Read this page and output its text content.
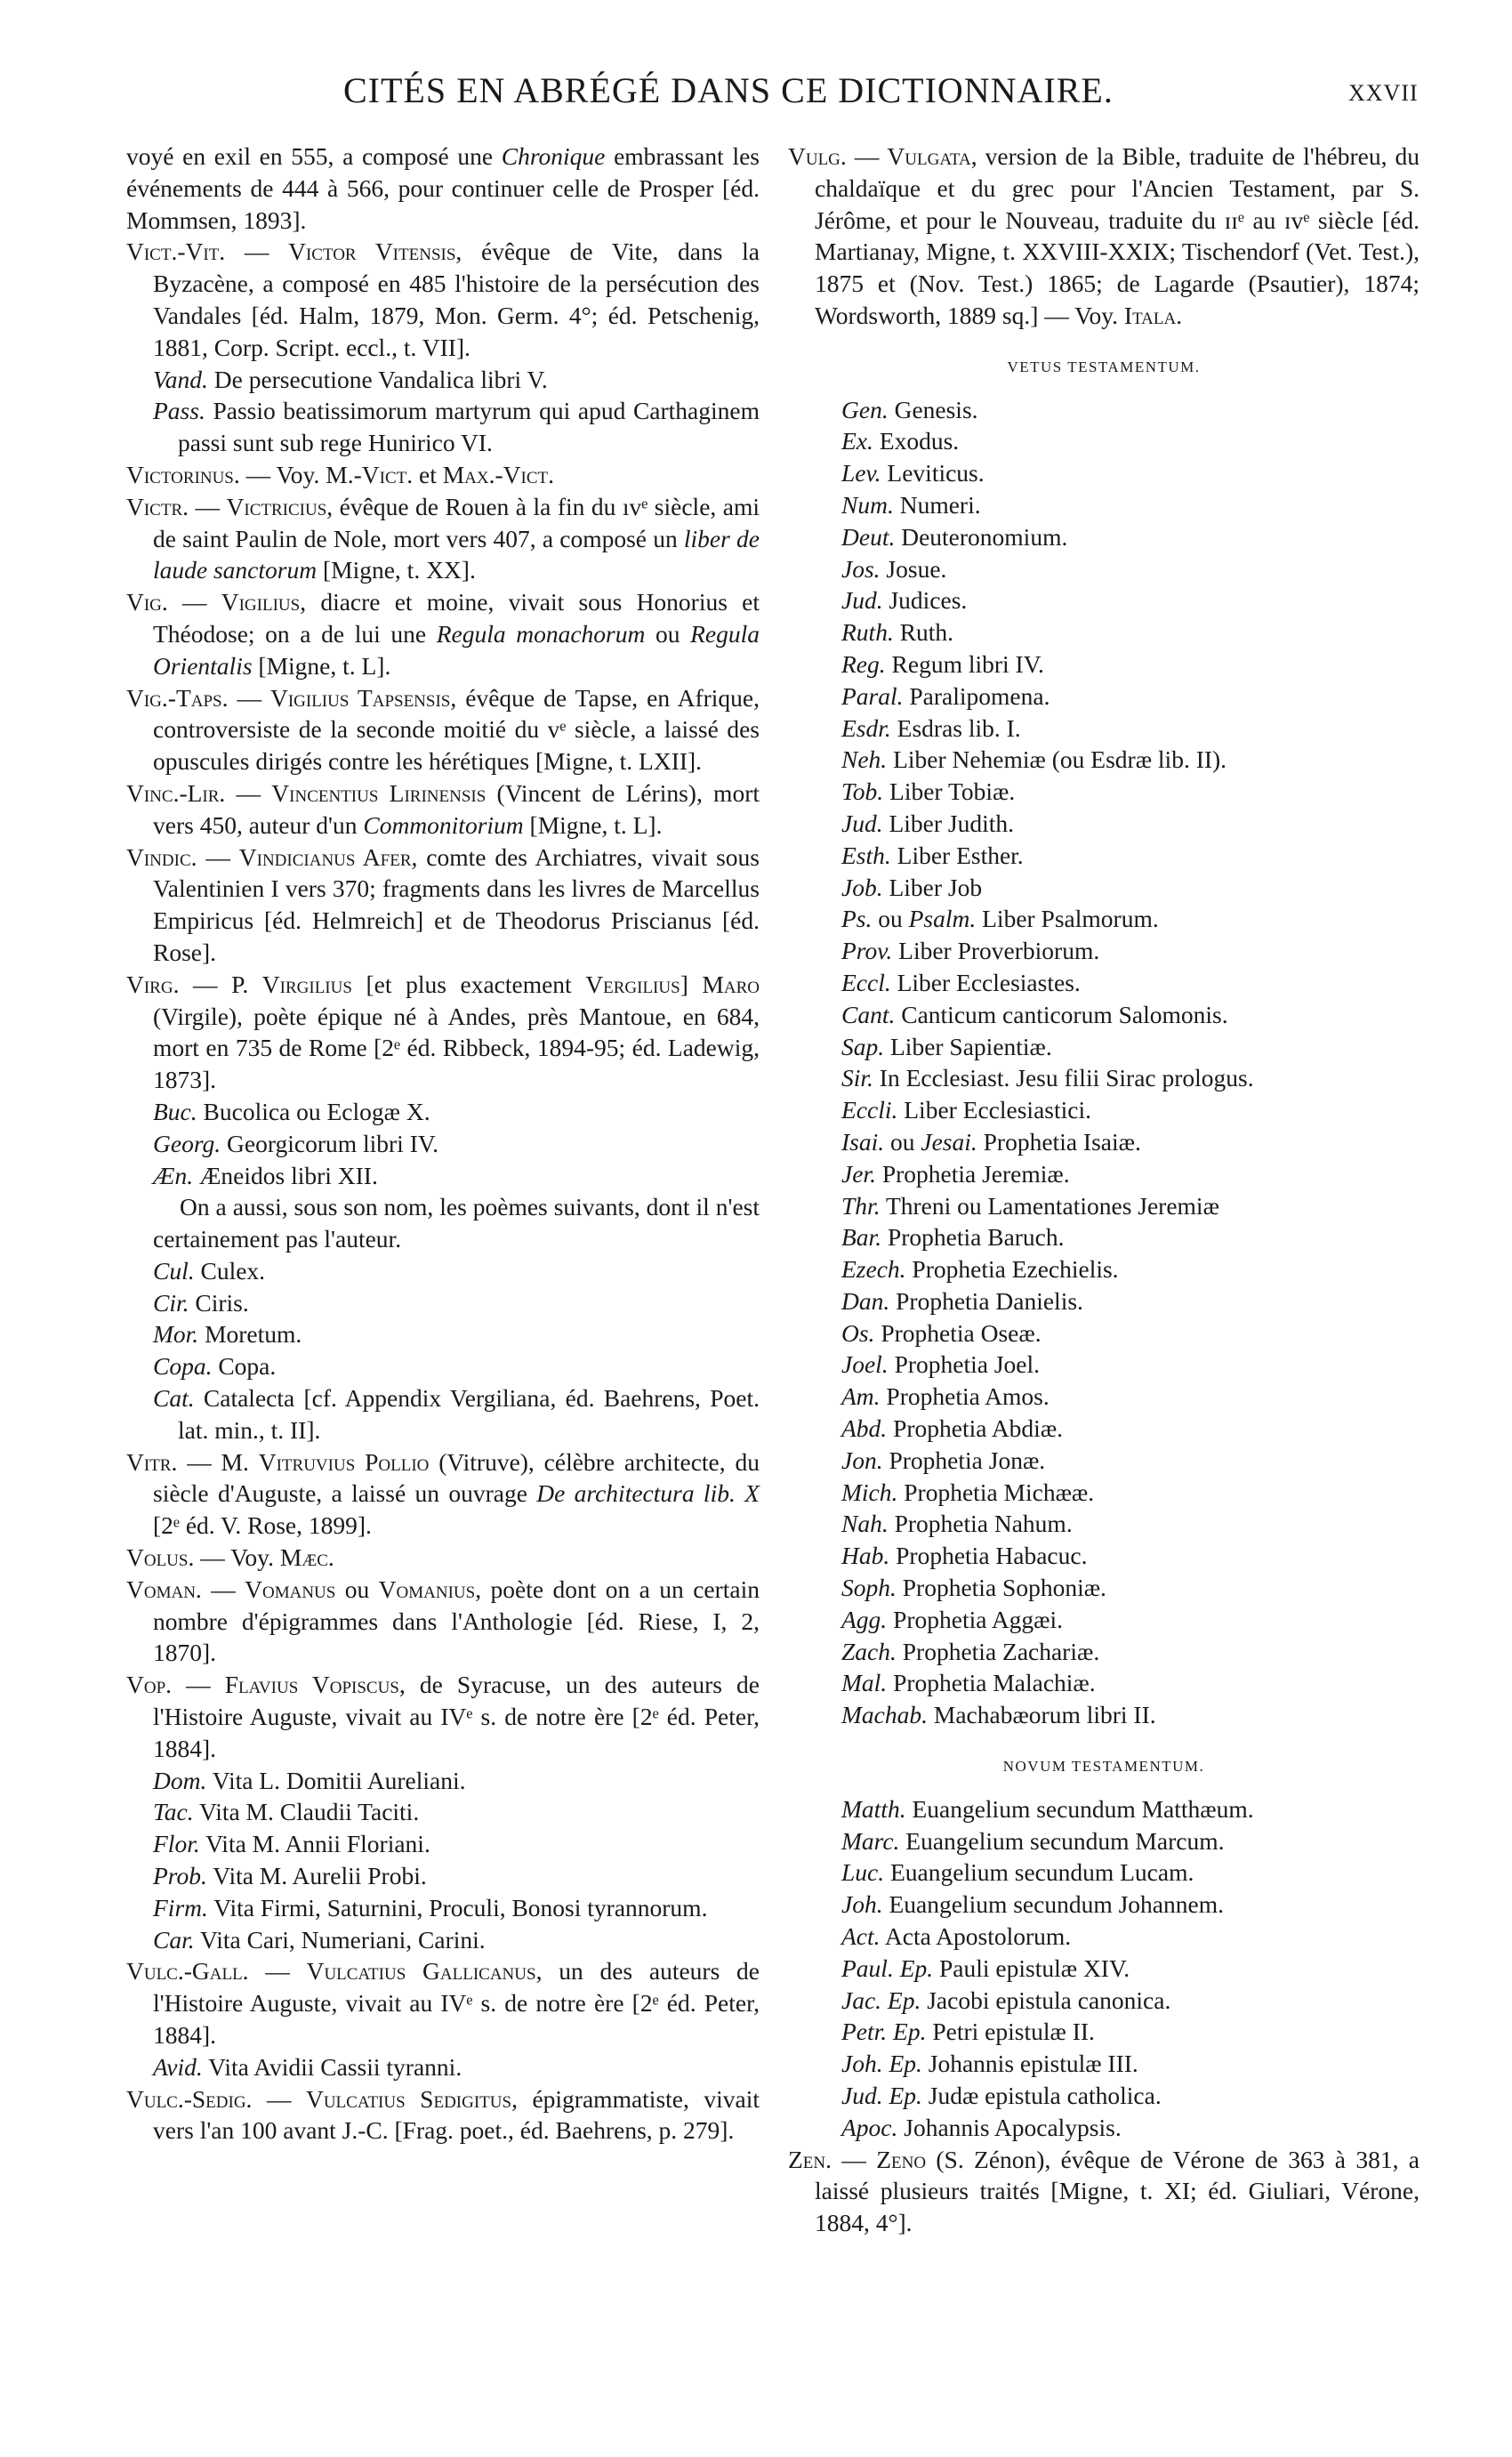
CITÉS EN ABRÉGÉ DANS CE DICTIONNAIRE.	XXVII

voyé en exil en 555, a composé une Chronique embrassant les événements de 444 à 566, pour continuer celle de Prosper [éd. Mommsen, 1893].

Vict.-Vit. — Victor Vitensis, évêque de Vite, dans la Byzacène, a composé en 485 l'histoire de la persécution des Vandales [éd. Halm, 1879, Mon. Germ. 4°; éd. Petschenig, 1881, Corp. Script. eccl., t. VII].

Vand. De persecutione Vandalica libri V.

Pass. Passio beatissimorum martyrum qui apud Carthaginem passi sunt sub rege Hunirico VI.

Victorinus. — Voy. M.-Vict. et Max.-Vict.

Victr. — Victricius, évêque de Rouen à la fin du ıvᵉ siècle, ami de saint Paulin de Nole, mort vers 407, a composé un liber de laude sanctorum [Migne, t. XX].

Vig. — Vigilius, diacre et moine, vivait sous Honorius et Théodose; on a de lui une Regula monachorum ou Regula Orientalis [Migne, t. L].

Vig.-Taps. — Vigilius Tapsensis, évêque de Tapse, en Afrique, controversiste de la seconde moitié du vᵉ siècle, a laissé des opuscules dirigés contre les hérétiques [Migne, t. LXII].

Vinc.-Lir. — Vincentius Lirinensis (Vincent de Lérins), mort vers 450, auteur d'un Commonitorium [Migne, t. L].

Vindic. — Vindicianus Afer, comte des Archiatres, vivait sous Valentinien I vers 370; fragments dans les livres de Marcellus Empiricus [éd. Helmreich] et de Theodorus Priscianus [éd. Rose].

Virg. — P. Virgilius [et plus exactement Vergilius] Maro (Virgile), poète épique né à Andes, près Mantoue, en 684, mort en 735 de Rome [2ᵉ éd. Ribbeck, 1894-95; éd. Ladewig, 1873].

Buc. Bucolica ou Eclogæ X.

Georg. Georgicorum libri IV.

Æn. Æneidos libri XII.

On a aussi, sous son nom, les poèmes suivants, dont il n'est certainement pas l'auteur.

Cul. Culex.

Cir. Ciris.

Mor. Moretum.

Copa. Copa.

Cat. Catalecta [cf. Appendix Vergiliana, éd. Baehrens, Poet. lat. min., t. II].

Vitr. — M. Vitruvius Pollio (Vitruve), célèbre architecte, du siècle d'Auguste, a laissé un ouvrage De architectura lib. X [2ᵉ éd. V. Rose, 1899].

Volus. — Voy. Mæc.

Voman. — Vomanus ou Vomanius, poète dont on a un certain nombre d'épigrammes dans l'Anthologie [éd. Riese, I, 2, 1870].

Vop. — Flavius Vopiscus, de Syracuse, un des auteurs de l'Histoire Auguste, vivait au IVᵉ s. de notre ère [2ᵉ éd. Peter, 1884].

Dom. Vita L. Domitii Aureliani.

Tac. Vita M. Claudii Taciti.

Flor. Vita M. Annii Floriani.

Prob. Vita M. Aurelii Probi.

Firm. Vita Firmi, Saturnini, Proculi, Bonosi tyrannorum.

Car. Vita Cari, Numeriani, Carini.

Vulc.-Gall. — Vulcatius Gallicanus, un des auteurs de l'Histoire Auguste, vivait au IVᵉ s. de notre ère [2ᵉ éd. Peter, 1884].

Avid. Vita Avidii Cassii tyranni.

Vulc.-Sedig. — Vulcatius Sedigitus, épigrammatiste, vivait vers l'an 100 avant J.-C. [Frag. poet., éd. Baehrens, p. 279].

Vulg. — Vulgata, version de la Bible, traduite de l'hébreu, du chaldaïque et du grec pour l'Ancien Testament, par S. Jérôme, et pour le Nouveau, traduite du ɪɪᵉ au ɪvᵉ siècle [éd. Martianay, Migne, t. XXVIII-XXIX; Tischendorf (Vet. Test.), 1875 et (Nov. Test.) 1865; de Lagarde (Psautier), 1874; Wordsworth, 1889 sq.] — Voy. Itala.

VETUS TESTAMENTUM.

Gen. Genesis.

Ex. Exodus.

Lev. Leviticus.

Num. Numeri.

Deut. Deuteronomium.

Jos. Josue.

Jud. Judices.

Ruth. Ruth.

Reg. Regum libri IV.

Paral. Paralipomena.

Esdr. Esdras lib. I.

Neh. Liber Nehemiæ (ou Esdræ lib. II).

Tob. Liber Tobiæ.

Jud. Liber Judith.

Esth. Liber Esther.

Job. Liber Job

Ps. ou Psalm. Liber Psalmorum.

Prov. Liber Proverbiorum.

Eccl. Liber Ecclesiastes.

Cant. Canticum canticorum Salomonis.

Sap. Liber Sapientiæ.

Sir. In Ecclesiast. Jesu filii Sirac prologus.

Eccli. Liber Ecclesiastici.

Isai. ou Jesai. Prophetia Isaiæ.

Jer. Prophetia Jeremiæ.

Thr. Threni ou Lamentationes Jeremiæ

Bar. Prophetia Baruch.

Ezech. Prophetia Ezechielis.

Dan. Prophetia Danielis.

Os. Prophetia Oseæ.

Joel. Prophetia Joel.

Am. Prophetia Amos.

Abd. Prophetia Abdiæ.

Jon. Prophetia Jonæ.

Mich. Prophetia Michææ.

Nah. Prophetia Nahum.

Hab. Prophetia Habacuc.

Soph. Prophetia Sophoniæ.

Agg. Prophetia Aggæi.

Zach. Prophetia Zachariæ.

Mal. Prophetia Malachiæ.

Machab. Machabæorum libri II.

NOVUM TESTAMENTUM.

Matth. Euangelium secundum Matthæum.

Marc. Euangelium secundum Marcum.

Luc. Euangelium secundum Lucam.

Joh. Euangelium secundum Johannem.

Act. Acta Apostolorum.

Paul. Ep. Pauli epistulæ XIV.

Jac. Ep. Jacobi epistula canonica.

Petr. Ep. Petri epistulæ II.

Joh. Ep. Johannis epistulæ III.

Jud. Ep. Judæ epistula catholica.

Apoc. Johannis Apocalypsis.

Zen. — Zeno (S. Zénon), évêque de Vérone de 363 à 381, a laissé plusieurs traités [Migne, t. XI; éd. Giuliari, Vérone, 1884, 4°].
